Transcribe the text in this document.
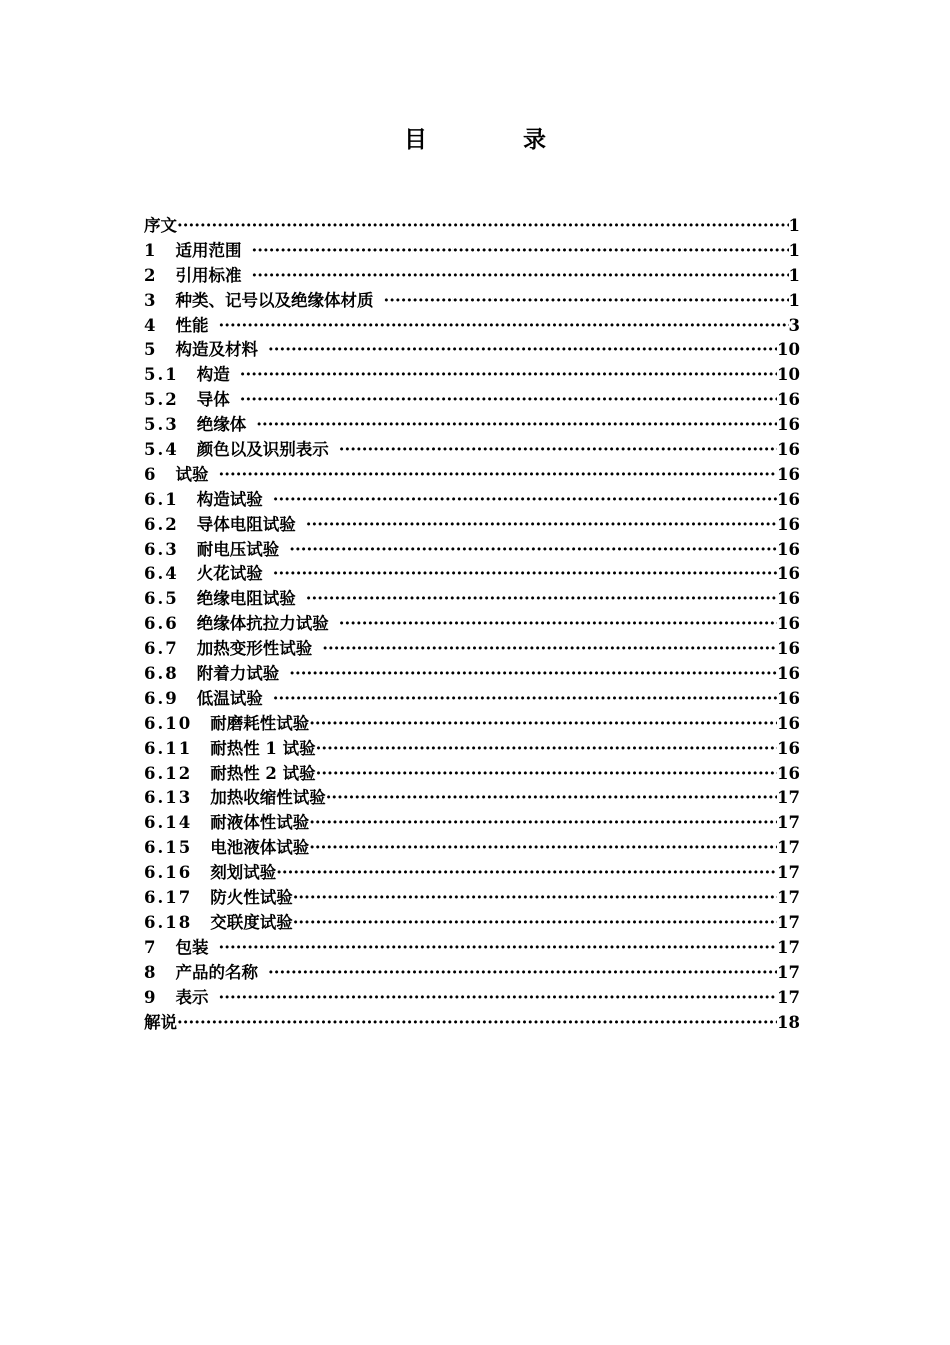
目 录
序文 ·····	1
1 适用范围 ·····	1
2 引用标准 ·····	1
3 种类、记号以及绝缘体材质 ·····	1
4 性能 ·····	3
5 构造及材料 ·····	10
5.1 构造 ·····	10
5.2 导体 ·····	16
5.3 绝缘体 ·····	16
5.4 颜色以及识别表示 ·····	16
6 试验 ·····	16
6.1 构造试验 ·····	16
6.2 导体电阻试验 ·····	16
6.3 耐电压试验 ·····	16
6.4 火花试验 ·····	16
6.5 绝缘电阻试验 ·····	16
6.6 绝缘体抗拉力试验 ·····	16
6.7 加热变形性试验 ·····	16
6.8 附着力试验 ·····	16
6.9 低温试验 ·····	16
6.10 耐磨耗性试验 ·····	16
6.11 耐热性 1 试验 ·····	16
6.12 耐热性 2 试验 ·····	16
6.13 加热收缩性试验 ·····	17
6.14 耐液体性试验 ·····	17
6.15 电池液体试验 ·····	17
6.16 刻划试验 ·····	17
6.17 防火性试验 ·····	17
6.18 交联度试验 ·····	17
7 包装 ·····	17
8 产品的名称 ·····	17
9 表示 ·····	17
解说 ·····	18
